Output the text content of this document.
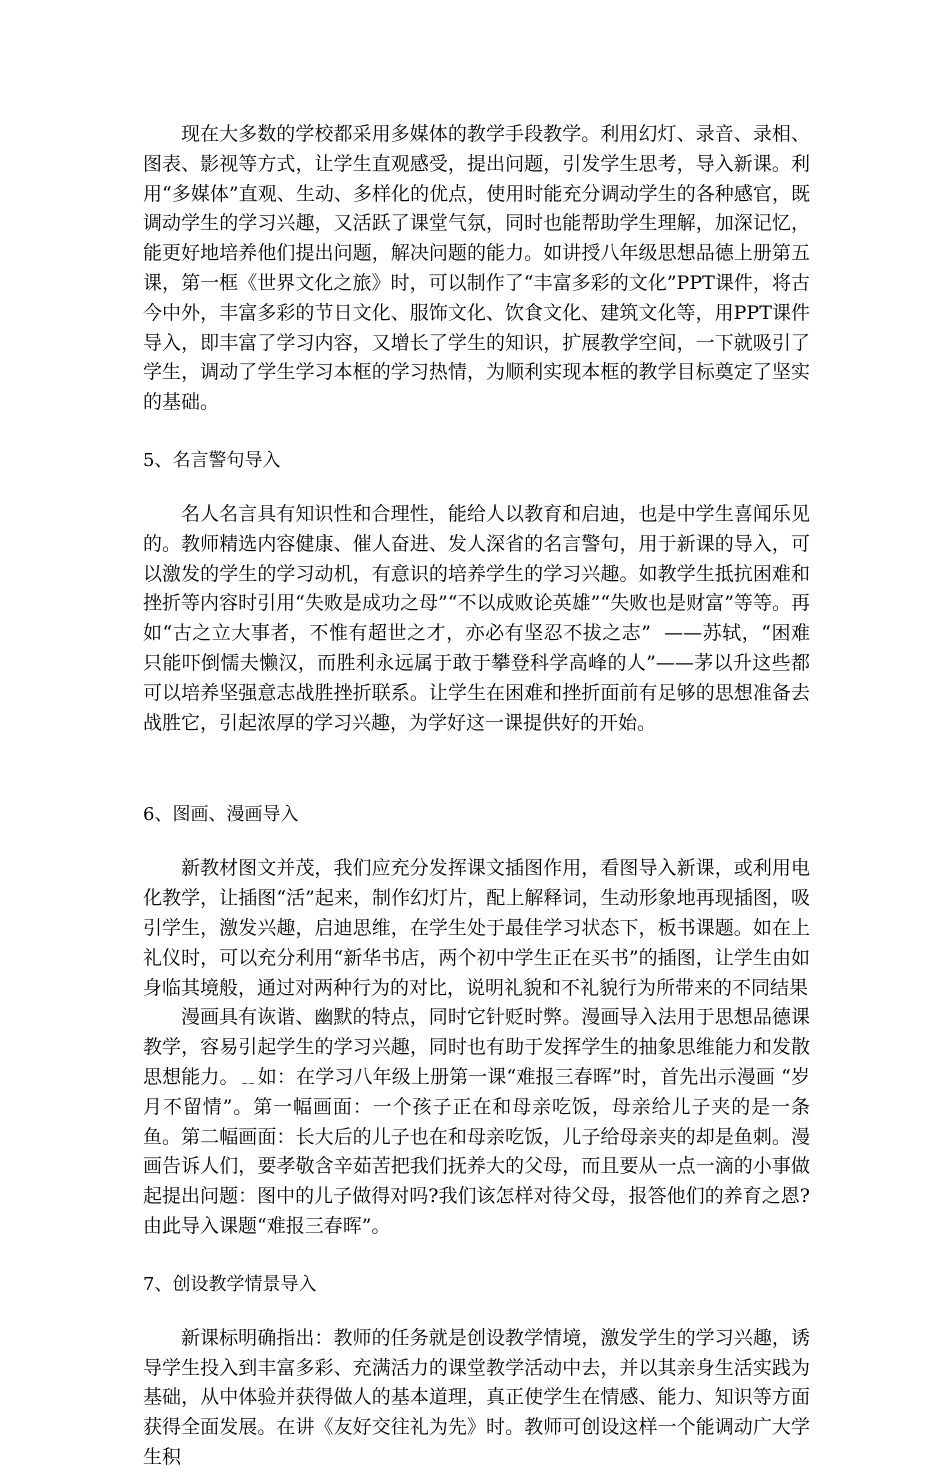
现在大多数的学校都采用多媒体的教学手段教学。利用幻灯、录音、录相、图表、影视等方式，让学生直观感受，提出问题，引发学生思考，导入新课。利用“多媒体”直观、生动、多样化的优点，使用时能充分调动学生的各种感官，既调动学生的学习兴趣，又活跃了课堂气氛，同时也能帮助学生理解，加深记忆，能更好地培养他们提出问题，解决问题的能力。如讲授八年级思想品德上册第五课，第一框《世界文化之旅》时，可以制作了“丰富多彩的文化”PPT课件，将古今中外，丰富多彩的节日文化、服饰文化、饮食文化、建筑文化等，用PPT课件导入，即丰富了学习内容，又增长了学生的知识，扩展教学空间，一下就吸引了学生，调动了学生学习本框的学习热情，为顺利实现本框的教学目标奠定了坚实的基础。

5、名言警句导入

名人名言具有知识性和合理性，能给人以教育和启迪，也是中学生喜闻乐见的。教师精选内容健康、催人奋进、发人深省的名言警句，用于新课的导入，可以激发的学生的学习动机，有意识的培养学生的学习兴趣。如教学生抵抗困难和挫折等内容时引用“失败是成功之母”“不以成败论英雄”“失败也是财富”等等。再如“古之立大事者，不惟有超世之才，亦必有坚忍不拔之志”  ——苏轼，“困难只能吓倒懦夫懒汉，而胜利永远属于敢于攀登科学高峰的人”——茅以升这些都可以培养坚强意志战胜挫折联系。让学生在困难和挫折面前有足够的思想准备去战胜它，引起浓厚的学习兴趣，为学好这一课提供好的开始。

6、图画、漫画导入

新教材图文并茂，我们应充分发挥课文插图作用，看图导入新课，或利用电化教学，让插图“活”起来，制作幻灯片，配上解释词，生动形象地再现插图，吸引学生，激发兴趣，启迪思维，在学生处于最佳学习状态下，板书课题。如在上礼仪时，可以充分利用“新华书店，两个初中学生正在买书”的插图，让学生由如身临其境般，通过对两种行为的对比，说明礼貌和不礼貌行为所带来的不同结果

漫画具有诙谐、幽默的特点，同时它针贬时弊。漫画导入法用于思想品德课教学，容易引起学生的学习兴趣，同时也有助于发挥学生的抽象思维能力和发散思想能力。﹎如：在学习八年级上册第一课“难报三春晖”时，首先出示漫画 “岁月不留情”。第一幅画面：一个孩子正在和母亲吃饭，母亲给儿子夹的是一条鱼。第二幅画面：长大后的儿子也在和母亲吃饭，儿子给母亲夹的却是鱼刺。漫画告诉人们，要孝敬含辛茹苦把我们抚养大的父母，而且要从一点一滴的小事做起提出问题：图中的儿子做得对吗?我们该怎样对待父母，报答他们的养育之恩?由此导入课题“难报三春晖”。

7、创设教学情景导入

新课标明确指出：教师的任务就是创设教学情境，激发学生的学习兴趣，诱导学生投入到丰富多彩、充满活力的课堂教学活动中去，并以其亲身生活实践为基础，从中体验并获得做人的基本道理，真正使学生在情感、能力、知识等方面获得全面发展。在讲《友好交往礼为先》时。教师可创设这样一个能调动广大学生积
